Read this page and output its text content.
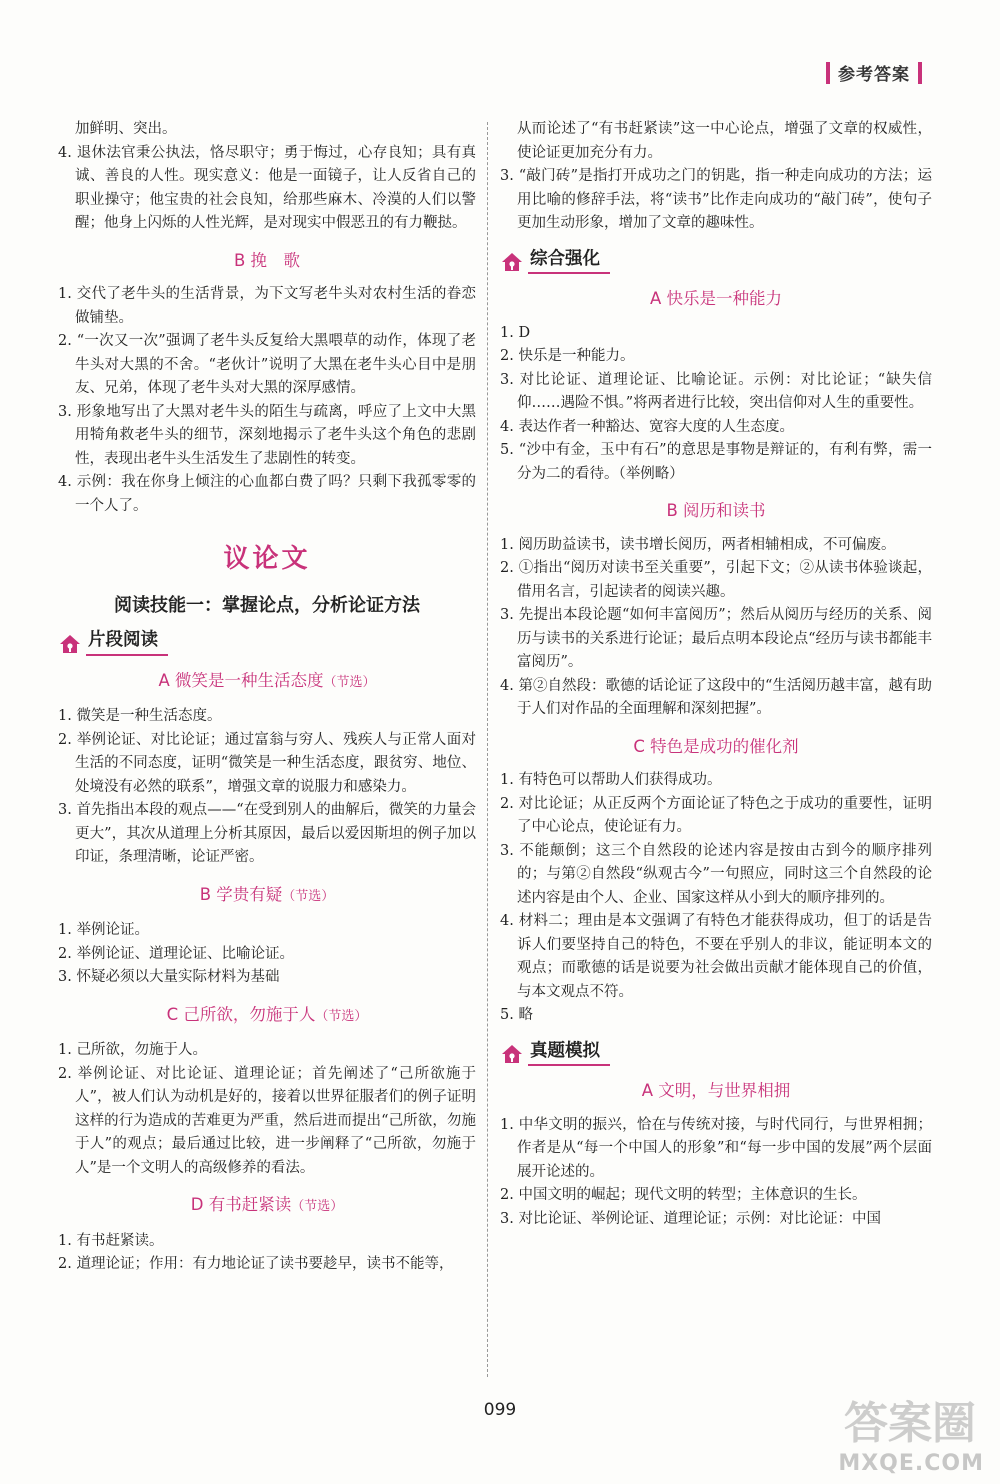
参考答案

加鲜明、突出。

4. 退休法官秉公执法，恪尽职守；勇于悔过，心存良知；具有真诚、善良的人性。现实意义：他是一面镜子，让人反省自己的职业操守；他宝贵的社会良知，给那些麻木、冷漠的人们以警醒；他身上闪烁的人性光辉，是对现实中假恶丑的有力鞭挞。

B 挽　歌

1. 交代了老牛头的生活背景，为下文写老牛头对农村生活的眷恋做铺垫。

2. “一次又一次”强调了老牛头反复给大黑喂草的动作，体现了老牛头对大黑的不舍。“老伙计”说明了大黑在老牛头心目中是朋友、兄弟，体现了老牛头对大黑的深厚感情。

3. 形象地写出了大黑对老牛头的陌生与疏离，呼应了上文中大黑用犄角救老牛头的细节，深刻地揭示了老牛头这个角色的悲剧性，表现出老牛头生活发生了悲剧性的转变。

4. 示例：我在你身上倾注的心血都白费了吗？只剩下我孤零零的一个人了。

议论文
阅读技能一：掌握论点，分析论证方法
片段阅读
A 微笑是一种生活态度（节选）

1. 微笑是一种生活态度。

2. 举例论证、对比论证；通过富翁与穷人、残疾人与正常人面对生活的不同态度，证明“微笑是一种生活态度，跟贫穷、地位、处境没有必然的联系”，增强文章的说服力和感染力。

3. 首先指出本段的观点——“在受到别人的曲解后，微笑的力量会更大”，其次从道理上分析其原因，最后以爱因斯坦的例子加以印证，条理清晰，论证严密。

B 学贵有疑（节选）

1. 举例论证。

2. 举例论证、道理论证、比喻论证。

3. 怀疑必须以大量实际材料为基础

C 己所欲，勿施于人（节选）

1. 己所欲，勿施于人。

2. 举例论证、对比论证、道理论证；首先阐述了“己所欲施于人”，被人们认为动机是好的，接着以世界征服者们的例子证明这样的行为造成的苦难更为严重，然后进而提出“己所欲，勿施于人”的观点；最后通过比较，进一步阐释了“己所欲，勿施于人”是一个文明人的高级修养的看法。

D 有书赶紧读（节选）

1. 有书赶紧读。

2. 道理论证；作用：有力地论证了读书要趁早，读书不能等，

从而论述了“有书赶紧读”这一中心论点，增强了文章的权威性，使论证更加充分有力。

3. “敲门砖”是指打开成功之门的钥匙，指一种走向成功的方法；运用比喻的修辞手法，将“读书”比作走向成功的“敲门砖”，使句子更加生动形象，增加了文章的趣味性。

综合强化
A 快乐是一种能力

1. D

2. 快乐是一种能力。

3. 对比论证、道理论证、比喻论证。示例：对比论证；“缺失信仰……遇险不惧。”将两者进行比较，突出信仰对人生的重要性。

4. 表达作者一种豁达、宽容大度的人生态度。

5. “沙中有金，玉中有石”的意思是事物是辩证的，有利有弊，需一分为二的看待。（举例略）

B 阅历和读书

1. 阅历助益读书，读书增长阅历，两者相辅相成，不可偏废。

2. ①指出“阅历对读书至关重要”，引起下文；②从读书体验谈起，借用名言，引起读者的阅读兴趣。

3. 先提出本段论题“如何丰富阅历”；然后从阅历与经历的关系、阅历与读书的关系进行论证；最后点明本段论点“经历与读书都能丰富阅历”。

4. 第②自然段：歌德的话论证了这段中的“生活阅历越丰富，越有助于人们对作品的全面理解和深刻把握”。

C 特色是成功的催化剂

1. 有特色可以帮助人们获得成功。

2. 对比论证；从正反两个方面论证了特色之于成功的重要性，证明了中心论点，使论证有力。

3. 不能颠倒；这三个自然段的论述内容是按由古到今的顺序排列的；与第②自然段“纵观古今”一句照应，同时这三个自然段的论述内容是由个人、企业、国家这样从小到大的顺序排列的。

4. 材料二；理由是本文强调了有特色才能获得成功，但丁的话是告诉人们要坚持自己的特色，不要在乎别人的非议，能证明本文的观点；而歌德的话是说要为社会做出贡献才能体现自己的价值，与本文观点不符。

5. 略

真题模拟
A 文明，与世界相拥

1. 中华文明的振兴，恰在与传统对接，与时代同行，与世界相拥；作者是从“每一个中国人的形象”和“每一步中国的发展”两个层面展开论述的。

2. 中国文明的崛起；现代文明的转型；主体意识的生长。

3. 对比论证、举例论证、道理论证；示例：对比论证：中国

099	答案圈
MXQE.COM
